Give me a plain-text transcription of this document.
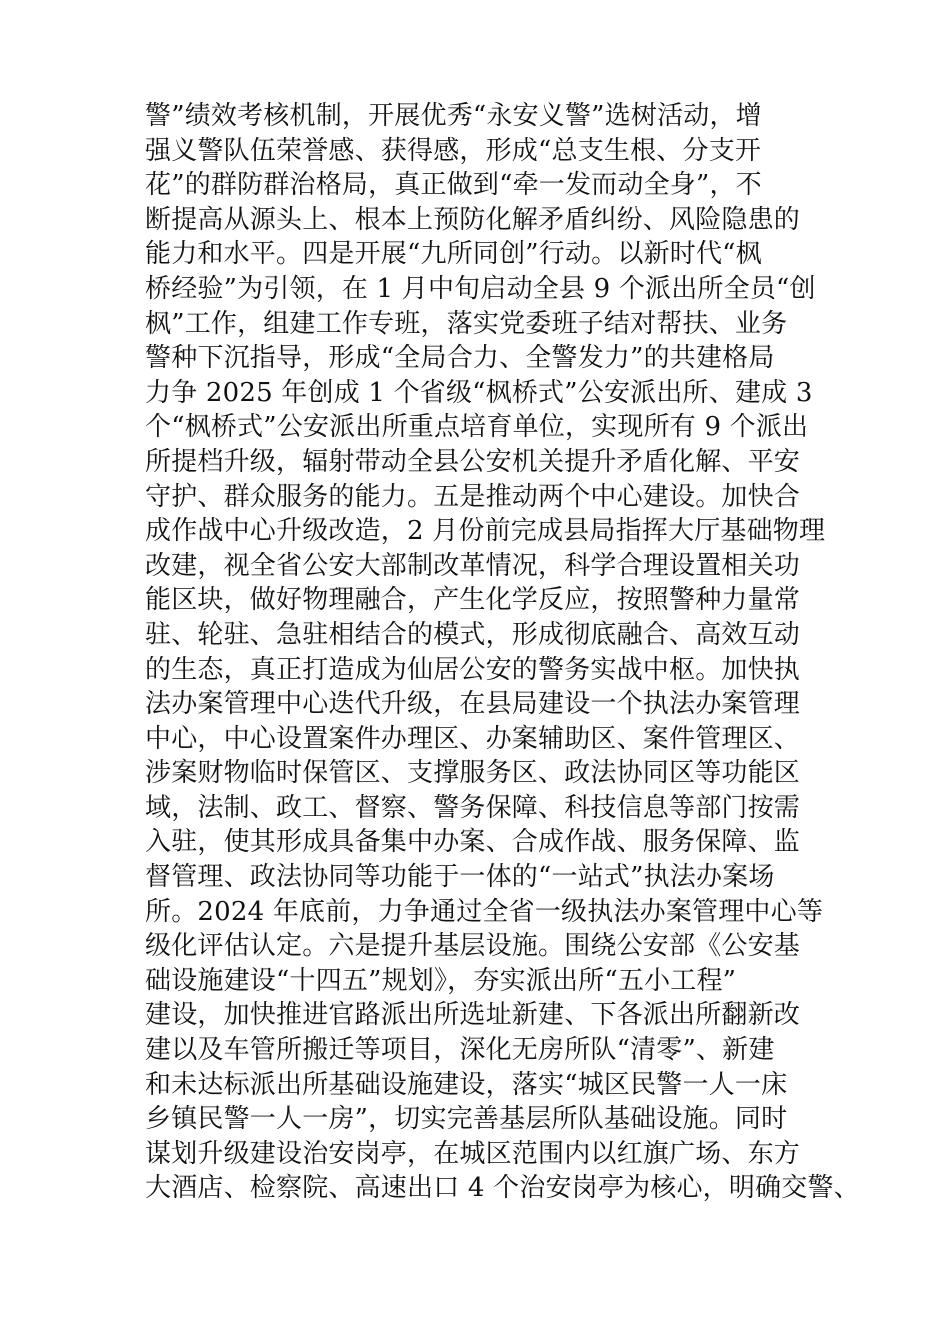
警”绩效考核机制，开展优秀“永安义警”选树活动，增
强义警队伍荣誉感、获得感，形成“总支生根、分支开
花”的群防群治格局，真正做到“牵一发而动全身”，不
断提高从源头上、根本上预防化解矛盾纠纷、风险隐患的
能力和水平。四是开展“九所同创”行动。以新时代“枫
桥经验”为引领，在 1 月中旬启动全县 9 个派出所全员“创
枫”工作，组建工作专班，落实党委班子结对帮扶、业务
警种下沉指导，形成“全局合力、全警发力”的共建格局
力争 2025 年创成 1 个省级“枫桥式”公安派出所、建成 3
个“枫桥式”公安派出所重点培育单位，实现所有 9 个派出
所提档升级，辐射带动全县公安机关提升矛盾化解、平安
守护、群众服务的能力。五是推动两个中心建设。加快合
成作战中心升级改造，2 月份前完成县局指挥大厅基础物理
改建，视全省公安大部制改革情况，科学合理设置相关功
能区块，做好物理融合，产生化学反应，按照警种力量常
驻、轮驻、急驻相结合的模式，形成彻底融合、高效互动
的生态，真正打造成为仙居公安的警务实战中枢。加快执
法办案管理中心迭代升级，在县局建设一个执法办案管理
中心，中心设置案件办理区、办案辅助区、案件管理区、
涉案财物临时保管区、支撑服务区、政法协同区等功能区
域，法制、政工、督察、警务保障、科技信息等部门按需
入驻，使其形成具备集中办案、合成作战、服务保障、监
督管理、政法协同等功能于一体的“一站式”执法办案场
所。2024 年底前，力争通过全省一级执法办案管理中心等
级化评估认定。六是提升基层设施。围绕公安部《公安基
础设施建设“十四五”规划》，夯实派出所“五小工程”
建设，加快推进官路派出所选址新建、下各派出所翻新改
建以及车管所搬迁等项目，深化无房所队“清零”、新建
和未达标派出所基础设施建设，落实“城区民警一人一床
乡镇民警一人一房”，切实完善基层所队基础设施。同时
谋划升级建设治安岗亭，在城区范围内以红旗广场、东方
大酒店、检察院、高速出口 4 个治安岗亭为核心，明确交警、
